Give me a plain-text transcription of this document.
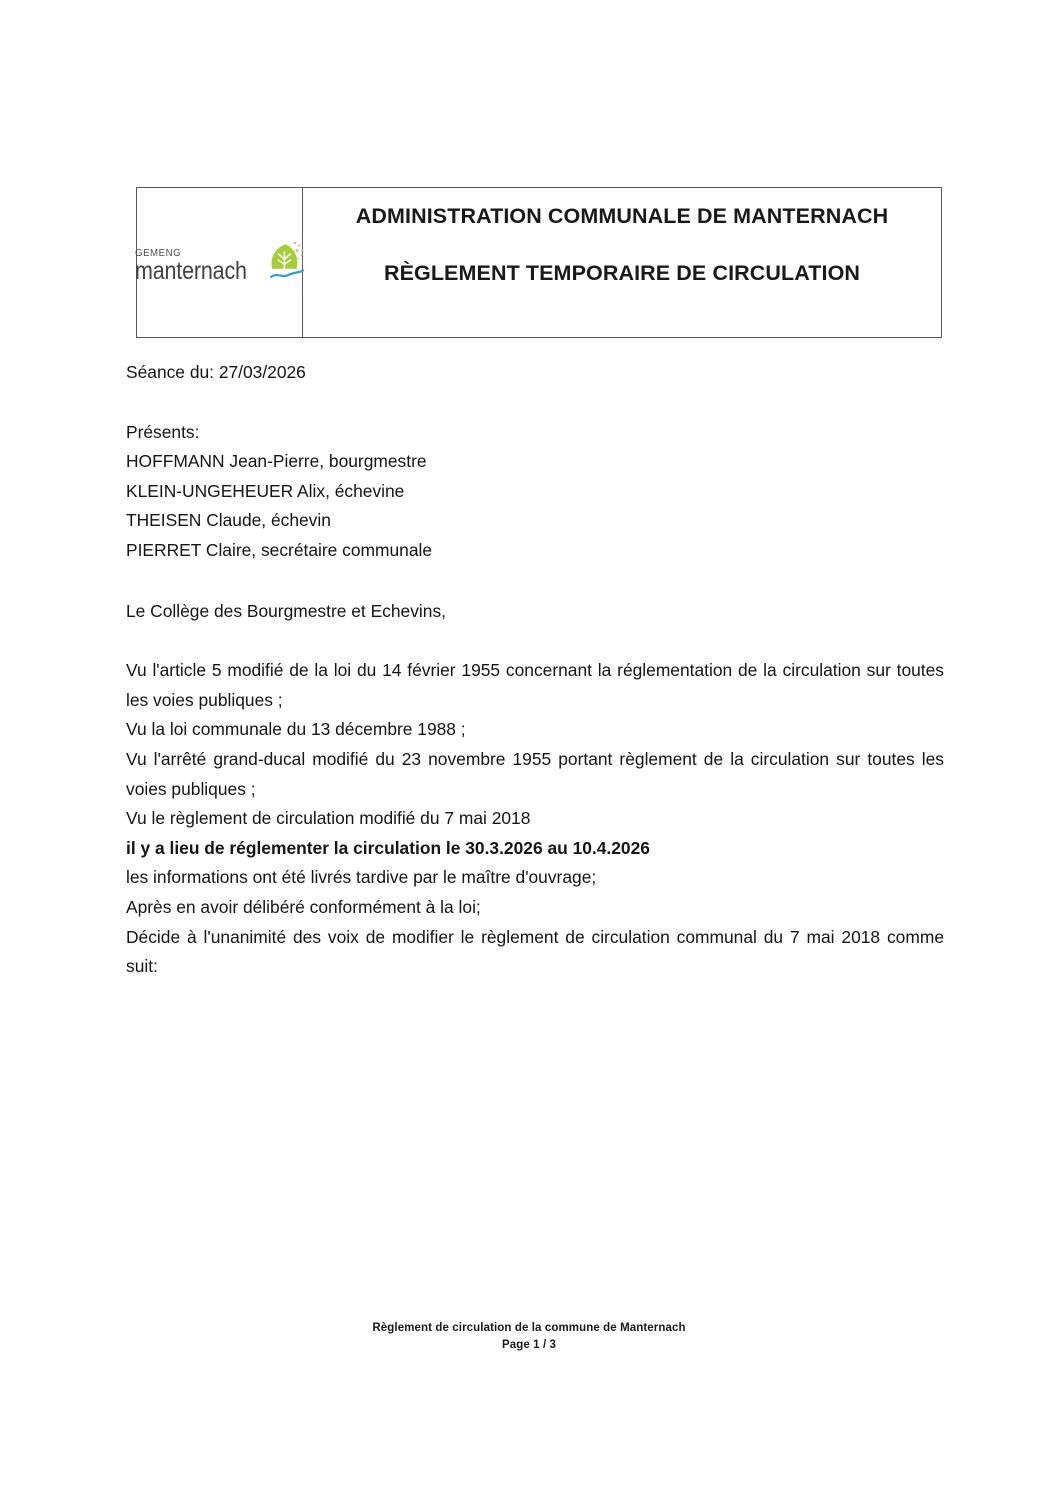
GEMENG
manternach
ADMINISTRATION COMMUNALE DE MANTERNACH
RÈGLEMENT TEMPORAIRE DE CIRCULATION

Séance du: 27/03/2026

Présents:

HOFFMANN Jean-Pierre, bourgmestre

KLEIN-UNGEHEUER Alix, échevine

THEISEN Claude, échevin

PIERRET Claire, secrétaire communale

Le Collège des Bourgmestre et Echevins,

Vu l'article 5 modifié de la loi du 14 février 1955 concernant la réglementation de la circulation sur toutes les voies publiques ;

Vu la loi communale du 13 décembre 1988 ;

Vu l'arrêté grand-ducal modifié du 23 novembre 1955 portant règlement de la circulation sur toutes les voies publiques ;

Vu le règlement de circulation modifié du 7 mai 2018

il y a lieu de réglementer la circulation le 30.3.2026 au 10.4.2026

les informations ont été livrés tardive par le maître d'ouvrage;

Après en avoir délibéré conformément à la loi;

Décide à l'unanimité des voix de modifier le règlement de circulation communal du 7 mai 2018 comme suit:

Règlement de circulation de la commune de Manternach
Page 1 / 3
